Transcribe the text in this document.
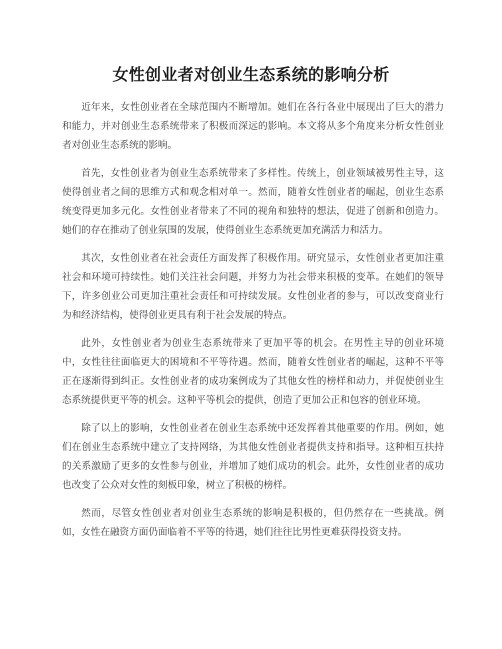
女性创业者对创业生态系统的影响分析

近年来，女性创业者在全球范围内不断增加。她们在各行各业中展现出了巨大的潜力和能力，并对创业生态系统带来了积极而深远的影响。本文将从多个角度来分析女性创业者对创业生态系统的影响。

首先，女性创业者为创业生态系统带来了多样性。传统上，创业领域被男性主导，这使得创业者之间的思维方式和观念相对单一。然而，随着女性创业者的崛起，创业生态系统变得更加多元化。女性创业者带来了不同的视角和独特的想法，促进了创新和创造力。她们的存在推动了创业氛围的发展，使得创业生态系统更加充满活力和活力。

其次，女性创业者在社会责任方面发挥了积极作用。研究显示，女性创业者更加注重社会和环境可持续性。她们关注社会问题，并努力为社会带来积极的变革。在她们的领导下，许多创业公司更加注重社会责任和可持续发展。女性创业者的参与，可以改变商业行为和经济结构，使得创业更具有利于社会发展的特点。

此外，女性创业者为创业生态系统带来了更加平等的机会。在男性主导的创业环境中，女性往往面临更大的困境和不平等待遇。然而，随着女性创业者的崛起，这种不平等正在逐渐得到纠正。女性创业者的成功案例成为了其他女性的榜样和动力，并促使创业生态系统提供更平等的机会。这种平等机会的提供，创造了更加公正和包容的创业环境。

除了以上的影响，女性创业者在创业生态系统中还发挥着其他重要的作用。例如，她们在创业生态系统中建立了支持网络，为其他女性创业者提供支持和指导。这种相互扶持的关系激励了更多的女性参与创业，并增加了她们成功的机会。此外，女性创业者的成功也改变了公众对女性的刻板印象，树立了积极的榜样。

然而，尽管女性创业者对创业生态系统的影响是积极的，但仍然存在一些挑战。例如，女性在融资方面仍面临着不平等的待遇，她们往往比男性更难获得投资支持。
